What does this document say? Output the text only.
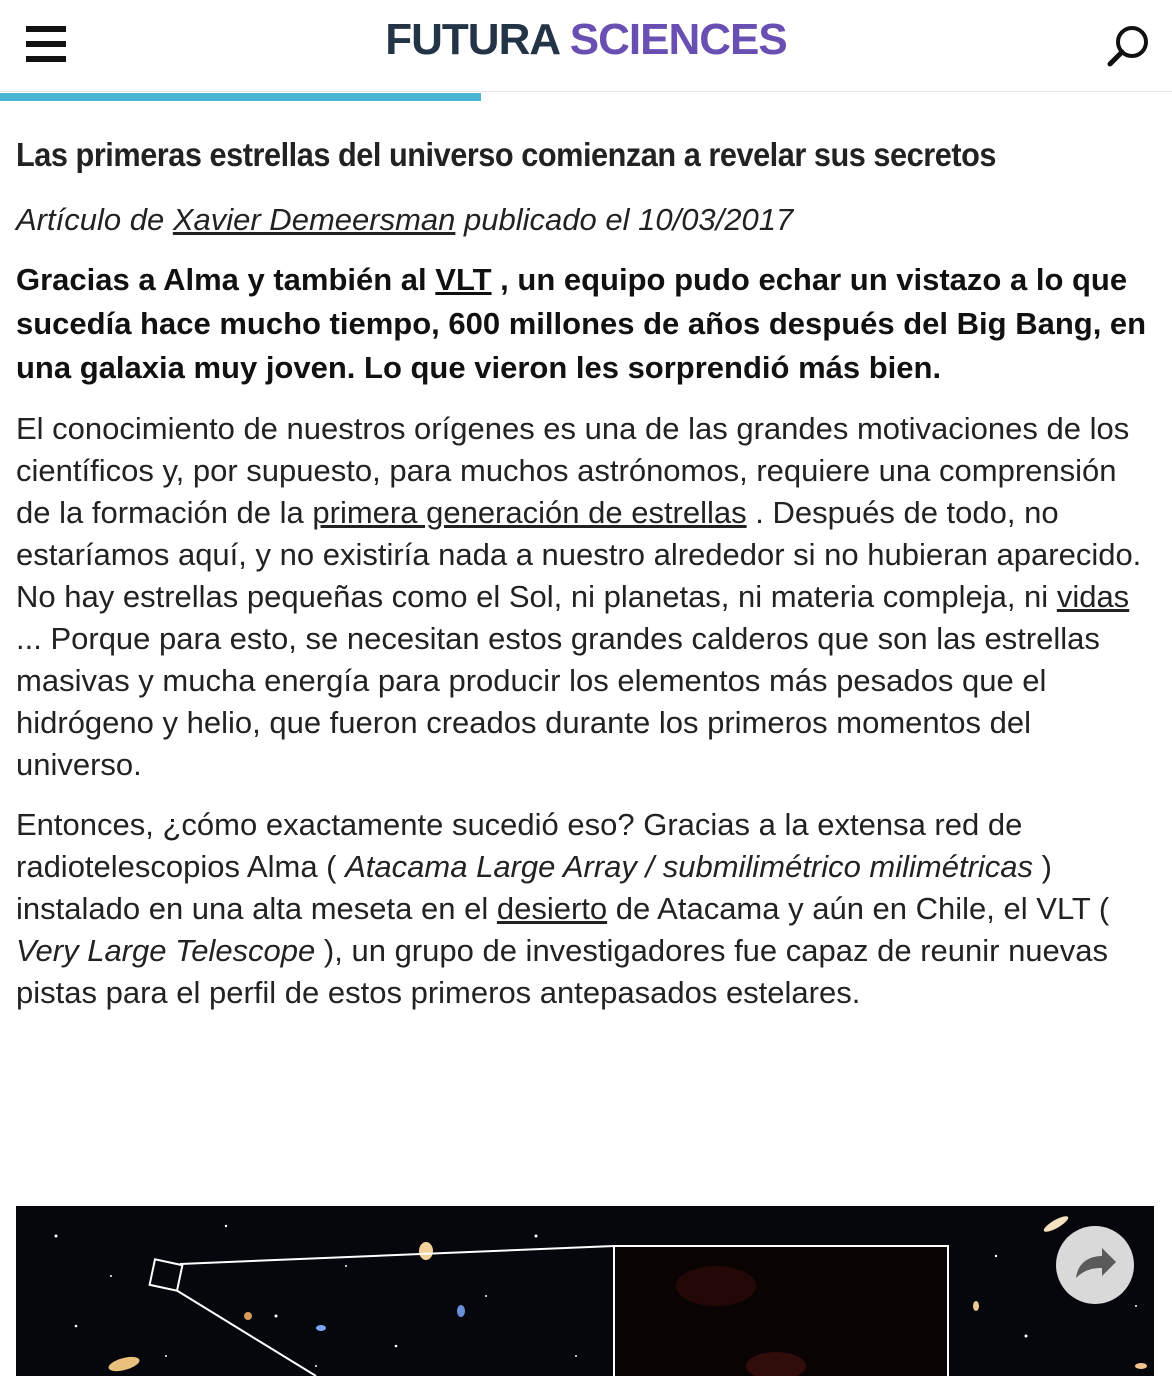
FUTURA SCIENCES
Las primeras estrellas del universo comienzan a revelar sus secretos

Artículo de Xavier Demeersman publicado el 10/03/2017

Gracias a Alma y también al VLT , un equipo pudo echar un vistazo a lo que sucedía hace mucho tiempo, 600 millones de años después del Big Bang, en una galaxia muy joven. Lo que vieron les sorprendió más bien.

El conocimiento de nuestros orígenes es una de las grandes motivaciones de los científicos y, por supuesto, para muchos astrónomos, requiere una comprensión de la formación de la primera generación de estrellas . Después de todo, no estaríamos aquí, y no existiría nada a nuestro alrededor si no hubieran aparecido. No hay estrellas pequeñas como el Sol, ni planetas, ni materia compleja, ni vidas ... Porque para esto, se necesitan estos grandes calderos que son las estrellas masivas y mucha energía para producir los elementos más pesados que el hidrógeno y helio, que fueron creados durante los primeros momentos del universo.

Entonces, ¿cómo exactamente sucedió eso? Gracias a la extensa red de radiotelescopios Alma ( Atacama Large Array / submilimétrico milimétricas ) instalado en una alta meseta en el desierto de Atacama y aún en Chile, el VLT ( Very Large Telescope ), un grupo de investigadores fue capaz de reunir nuevas pistas para el perfil de estos primeros antepasados estelares.
